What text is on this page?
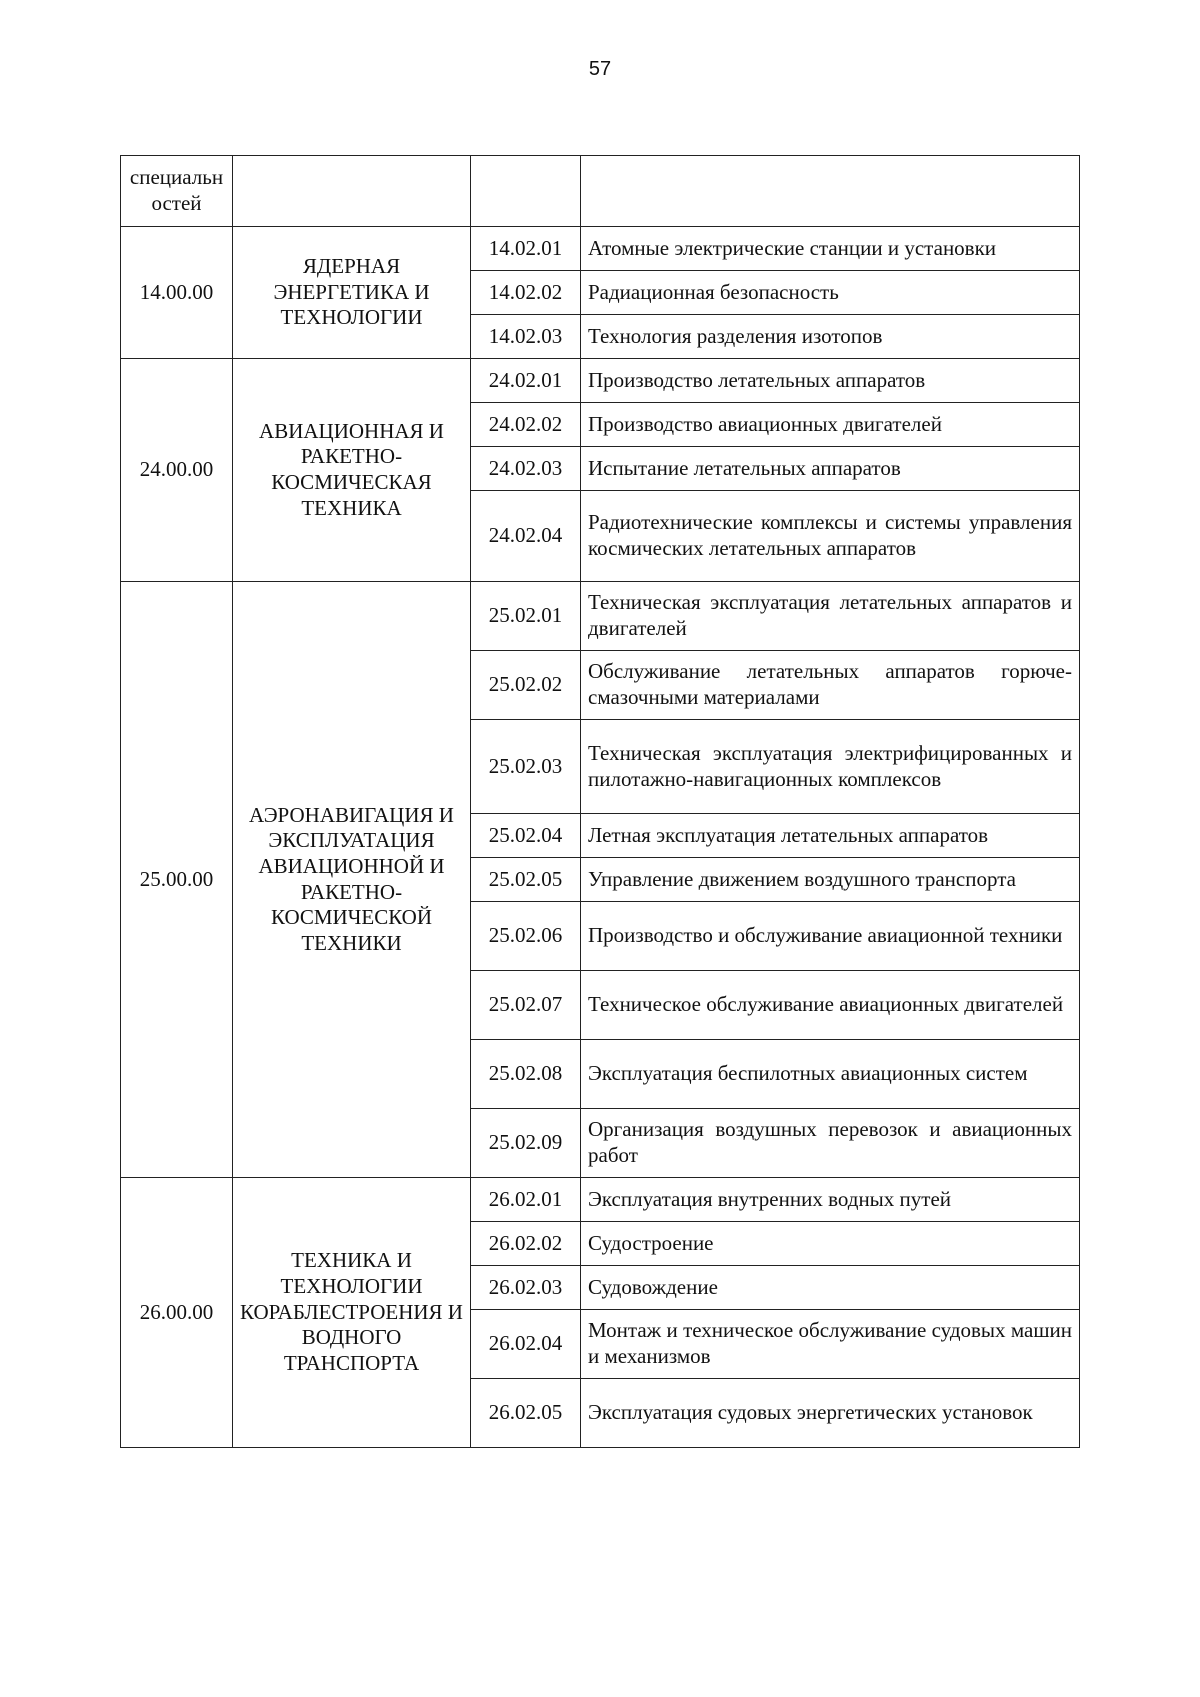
57
специальн
остей			
14.00.00	ЯДЕРНАЯ ЭНЕРГЕТИКА И ТЕХНОЛОГИИ	14.02.01	Атомные электрические станции и установки
		14.02.02	Радиационная безопасность
		14.02.03	Технология разделения изотопов
24.00.00	АВИАЦИОННАЯ И РАКЕТНО-КОСМИЧЕСКАЯ ТЕХНИКА	24.02.01	Производство летательных аппаратов
		24.02.02	Производство авиационных двигателей
		24.02.03	Испытание летательных аппаратов
		24.02.04	Радиотехнические комплексы и системы управления космических летательных аппаратов
25.00.00	АЭРОНАВИГАЦИЯ И ЭКСПЛУАТАЦИЯ АВИАЦИОННОЙ И РАКЕТНО-КОСМИЧЕСКОЙ ТЕХНИКИ	25.02.01	Техническая эксплуатация летательных аппаратов и двигателей
		25.02.02	Обслуживание летательных аппаратов горюче-смазочными материалами
		25.02.03	Техническая эксплуатация электрифицированных и пилотажно-навигационных комплексов
		25.02.04	Летная эксплуатация летательных аппаратов
		25.02.05	Управление движением воздушного транспорта
		25.02.06	Производство и обслуживание авиационной техники
		25.02.07	Техническое обслуживание авиационных двигателей
		25.02.08	Эксплуатация беспилотных авиационных систем
		25.02.09	Организация воздушных перевозок и авиационных работ
26.00.00	ТЕХНИКА И ТЕХНОЛОГИИ КОРАБЛЕСТРОЕНИЯ И ВОДНОГО ТРАНСПОРТА	26.02.01	Эксплуатация внутренних водных путей
		26.02.02	Судостроение
		26.02.03	Судовождение
		26.02.04	Монтаж и техническое обслуживание судовых машин и механизмов
		26.02.05	Эксплуатация судовых энергетических установок
